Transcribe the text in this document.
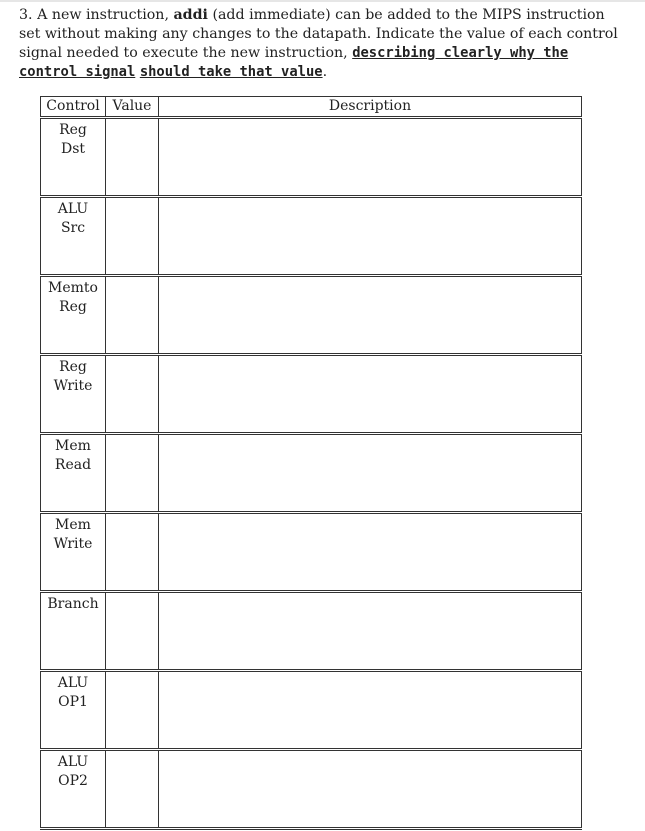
3. A new instruction, addi (add immediate) can be added to the MIPS instruction set without making any changes to the datapath. Indicate the value of each control signal needed to execute the new instruction, describing clearly why the control signal should take that value.
Control	Value	Description

Reg
Dst		

ALU
Src		

Memto
Reg		

Reg
Write		

Mem
Read		

Mem
Write		

Branch		

ALU
OP1		

ALU
OP2		
